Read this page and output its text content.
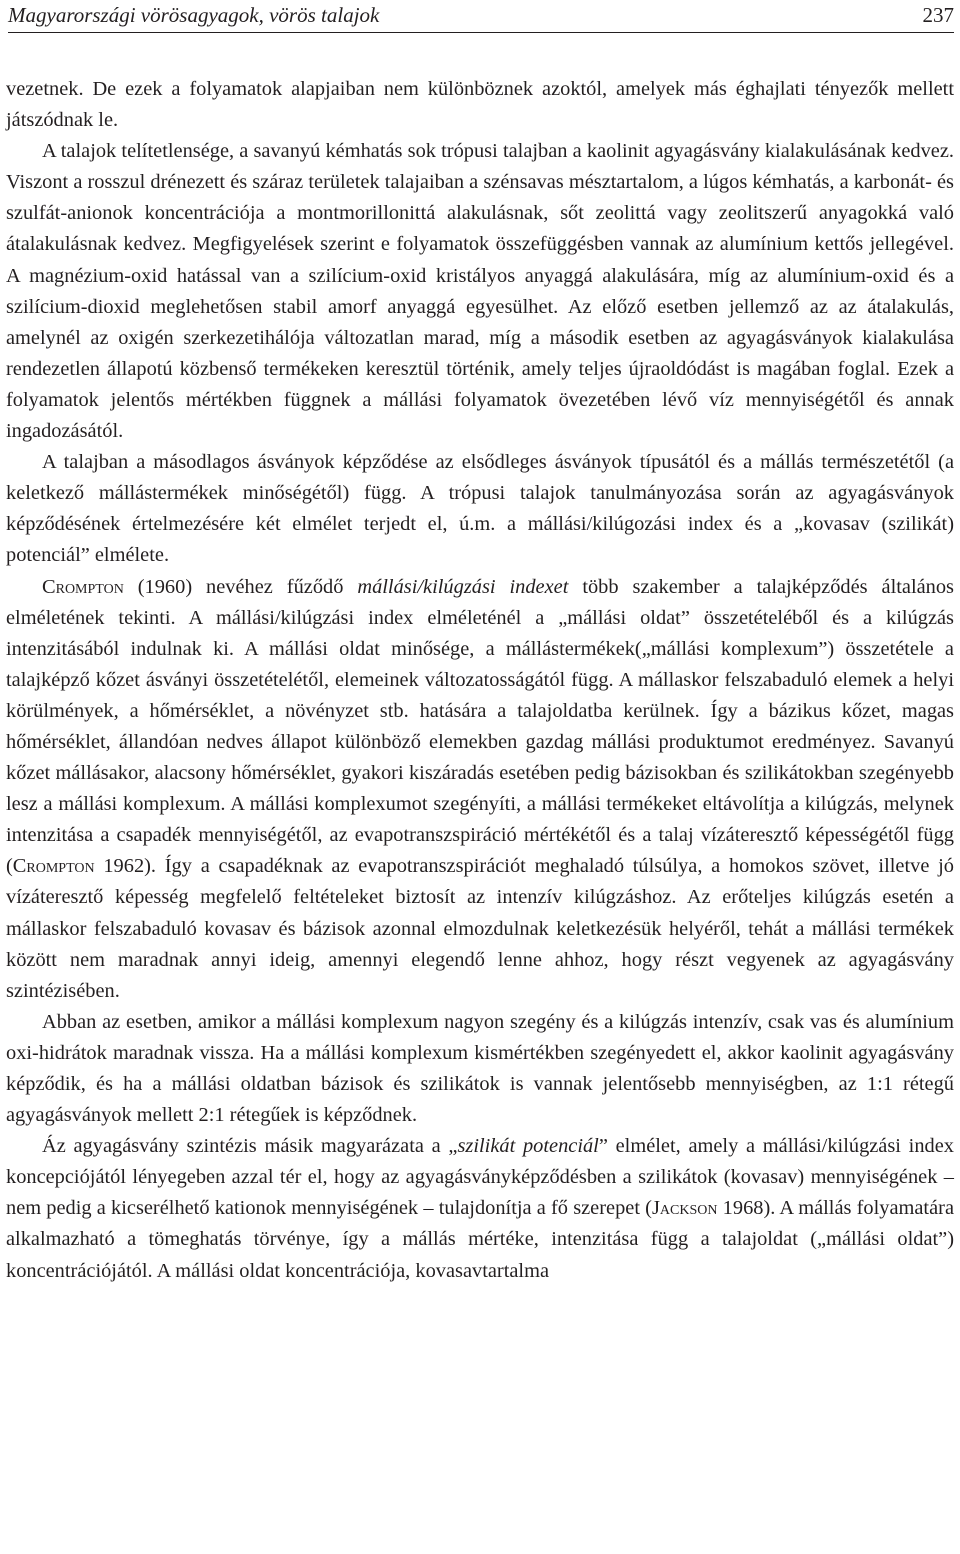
Magyarországi vörösagyagok, vörös talajok	237

vezetnek. De ezek a folyamatok alapjaiban nem különböznek azoktól, amelyek más éghajlati tényezők mellett játszódnak le.

A talajok telítetlensége, a savanyú kémhatás sok trópusi talajban a kaolinit agyagásvány kialakulásának kedvez. Viszont a rosszul drénezett és száraz területek talajaiban a szénsavas mésztartalom, a lúgos kémhatás, a karbonát- és szulfát-anionok koncentrációja a montmorillonittá alakulásnak, sőt zeolittá vagy zeolitszerű anyagokká való átalakulásnak kedvez. Megfigyelések szerint e folyamatok összefüggésben vannak az alumínium kettős jellegével. A magnézium-oxid hatással van a szilícium-oxid kristályos anyaggá alakulására, míg az alumínium-oxid és a szilícium-dioxid meglehetősen stabil amorf anyaggá egyesülhet. Az előző esetben jellemző az az átalakulás, amelynél az oxigén szerkezetihálója változatlan marad, míg a második esetben az agyagásványok kialakulása rendezetlen állapotú közbenső termékeken keresztül történik, amely teljes újraoldódást is magában foglal. Ezek a folyamatok jelentős mértékben függnek a mállási folyamatok övezetében lévő víz mennyiségétől és annak ingadozásától.

A talajban a másodlagos ásványok képződése az elsődleges ásványok típusától és a mállás természetétől (a keletkező mállástermékek minőségétől) függ. A trópusi talajok tanulmányozása során az agyagásványok képződésének értelmezésére két elmélet terjedt el, ú.m. a mállási/kilúgozási index és a „kovasav (szilikát) potenciál” elmélete.

Crompton (1960) nevéhez fűződő mállási/kilúgzási indexet több szakember a talajképződés általános elméletének tekinti. A mállási/kilúgzási index elméleténél a „mállási oldat” összetételéből és a kilúgzás intenzitásából indulnak ki. A mállási oldat minősége, a mállástermékek(„mállási komplexum”) összetétele a talajképző kőzet ásványi összetételétől, elemeinek változatosságától függ. A mállaskor felszabaduló elemek a helyi körülmények, a hőmérséklet, a növényzet stb. hatására a talajoldatba kerülnek. Így a bázikus kőzet, magas hőmérséklet, állandóan nedves állapot különböző elemekben gazdag mállási produktumot eredményez. Savanyú kőzet mállásakor, alacsony hőmérséklet, gyakori kiszáradás esetében pedig bázisokban és szilikátokban szegényebb lesz a mállási komplexum. A mállási komplexumot szegényíti, a mállási termékeket eltávolítja a kilúgzás, melynek intenzitása a csapadék mennyiségétől, az evapotranszspiráció mértékétől és a talaj vízáteresztő képességétől függ (Crompton 1962). Így a csapadéknak az evapotranszspirációt meghaladó túlsúlya, a homokos szövet, illetve jó vízáteresztő képesség megfelelő feltételeket biztosít az intenzív kilúgzáshoz. Az erőteljes kilúgzás esetén a mállaskor felszabaduló kovasav és bázisok azonnal elmozdulnak keletkezésük helyéről, tehát a mállási termékek között nem maradnak annyi ideig, amennyi elegendő lenne ahhoz, hogy részt vegyenek az agyagásvány szintézisében.

Abban az esetben, amikor a mállási komplexum nagyon szegény és a kilúgzás intenzív, csak vas és alumínium oxi-hidrátok maradnak vissza. Ha a mállási komplexum kismértékben szegényedett el, akkor kaolinit agyagásvány képződik, és ha a mállási oldatban bázisok és szilikátok is vannak jelentősebb mennyiségben, az 1:1 rétegű agyagásványok mellett 2:1 rétegűek is képződnek.

Áz agyagásvány szintézis másik magyarázata a „szilikát potenciál” elmélet, amely a mállási/kilúgzási index koncepciójától lényegeben azzal tér el, hogy az agyagásványképződésben a szilikátok (kovasav) mennyiségének – nem pedig a kicserélhető kationok mennyiségének – tulajdonítja a fő szerepet (Jackson 1968). A mállás folyamatára alkalmazható a tömeghatás törvénye, így a mállás mértéke, intenzitása függ a talajoldat („mállási oldat”) koncentrációjától. A mállási oldat koncentrációja, kovasavtartalma
